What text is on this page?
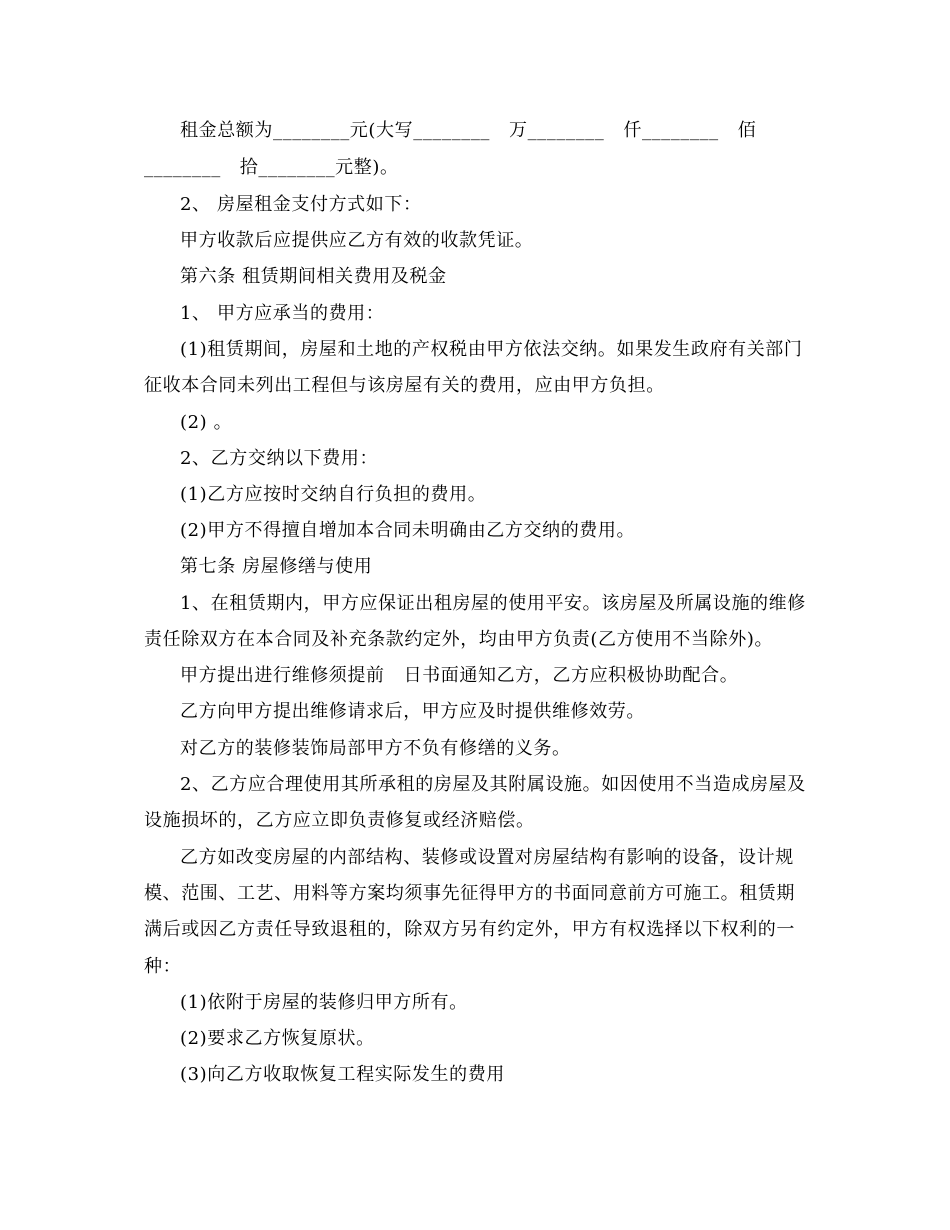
租金总额为________元(大写________   万________   仟________   佰
________   拾________元整)。
2、 房屋租金支付方式如下：
甲方收款后应提供应乙方有效的收款凭证。
第六条 租赁期间相关费用及税金
1、 甲方应承当的费用：
(1)租赁期间，房屋和土地的产权税由甲方依法交纳。如果发生政府有关部门
征收本合同未列出工程但与该房屋有关的费用，应由甲方负担。
(2) 。
2、乙方交纳以下费用：
(1)乙方应按时交纳自行负担的费用。
(2)甲方不得擅自增加本合同未明确由乙方交纳的费用。
第七条 房屋修缮与使用
1、在租赁期内，甲方应保证出租房屋的使用平安。该房屋及所属设施的维修
责任除双方在本合同及补充条款约定外，均由甲方负责(乙方使用不当除外)。
甲方提出进行维修须提前   日书面通知乙方，乙方应积极协助配合。
乙方向甲方提出维修请求后，甲方应及时提供维修效劳。
对乙方的装修装饰局部甲方不负有修缮的义务。
2、乙方应合理使用其所承租的房屋及其附属设施。如因使用不当造成房屋及
设施损坏的，乙方应立即负责修复或经济赔偿。
乙方如改变房屋的内部结构、装修或设置对房屋结构有影响的设备，设计规
模、范围、工艺、用料等方案均须事先征得甲方的书面同意前方可施工。租赁期
满后或因乙方责任导致退租的，除双方另有约定外，甲方有权选择以下权利的一
种：
(1)依附于房屋的装修归甲方所有。
(2)要求乙方恢复原状。
(3)向乙方收取恢复工程实际发生的费用
